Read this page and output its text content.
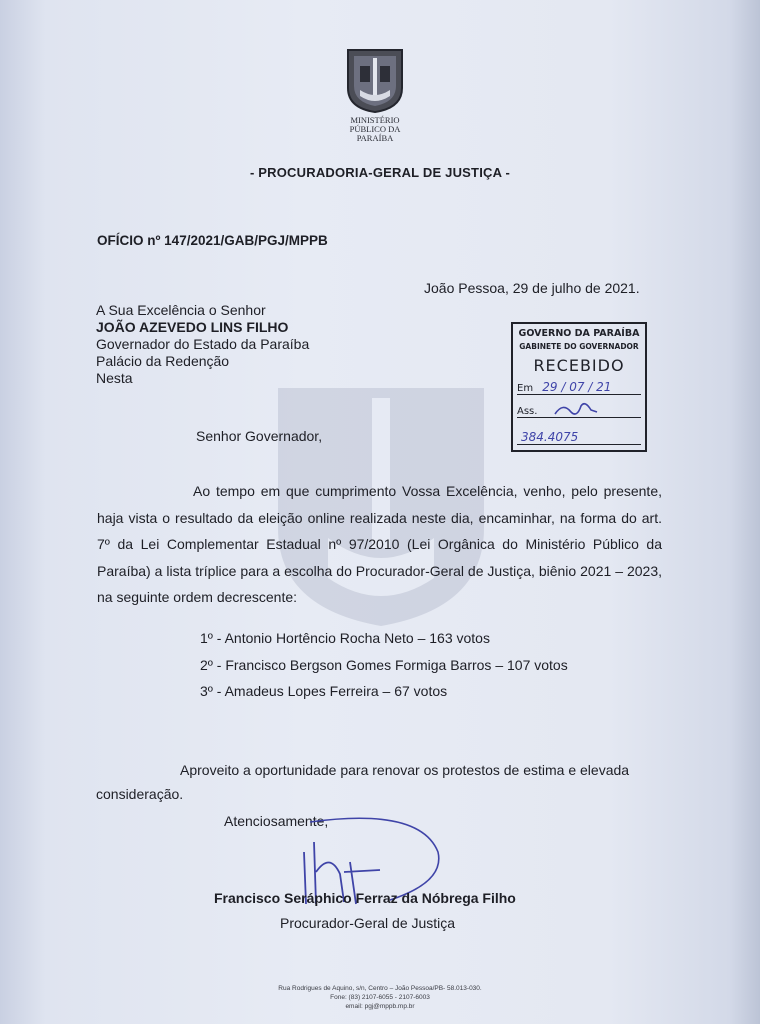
MINISTÉRIO
PÚBLICO DA
PARAÍBA
- PROCURADORIA-GERAL DE JUSTIÇA -
OFÍCIO nº 147/2021/GAB/PGJ/MPPB
João Pessoa, 29 de julho de 2021.
A Sua Excelência o Senhor
JOÃO AZEVEDO LINS FILHO
Governador do Estado da Paraíba
Palácio da Redenção
Nesta
GOVERNO DA PARAÍBA
GABINETE DO GOVERNADOR
RECEBIDO
Em 29 / 07 / 21
Ass.
384.4075
Senhor Governador,
Ao tempo em que cumprimento Vossa Excelência, venho, pelo presente, haja vista o resultado da eleição online realizada neste dia, encaminhar, na forma do art. 7º da Lei Complementar Estadual nº 97/2010 (Lei Orgânica do Ministério Público da Paraíba) a lista tríplice para a escolha do Procurador-Geral de Justiça, biênio 2021 – 2023, na seguinte ordem decrescente:
1º - Antonio Hortêncio Rocha Neto – 163 votos
2º - Francisco Bergson Gomes Formiga Barros – 107 votos
3º - Amadeus Lopes Ferreira – 67 votos
Aproveito a oportunidade para renovar os protestos de estima e elevada consideração.
Atenciosamente,
Francisco Seráphico Ferraz da Nóbrega Filho
Procurador-Geral de Justiça
Rua Rodrigues de Aquino, s/n, Centro – João Pessoa/PB- 58.013-030.
Fone: (83) 2107-6055 - 2107-6003
email: pgj@mppb.mp.br
